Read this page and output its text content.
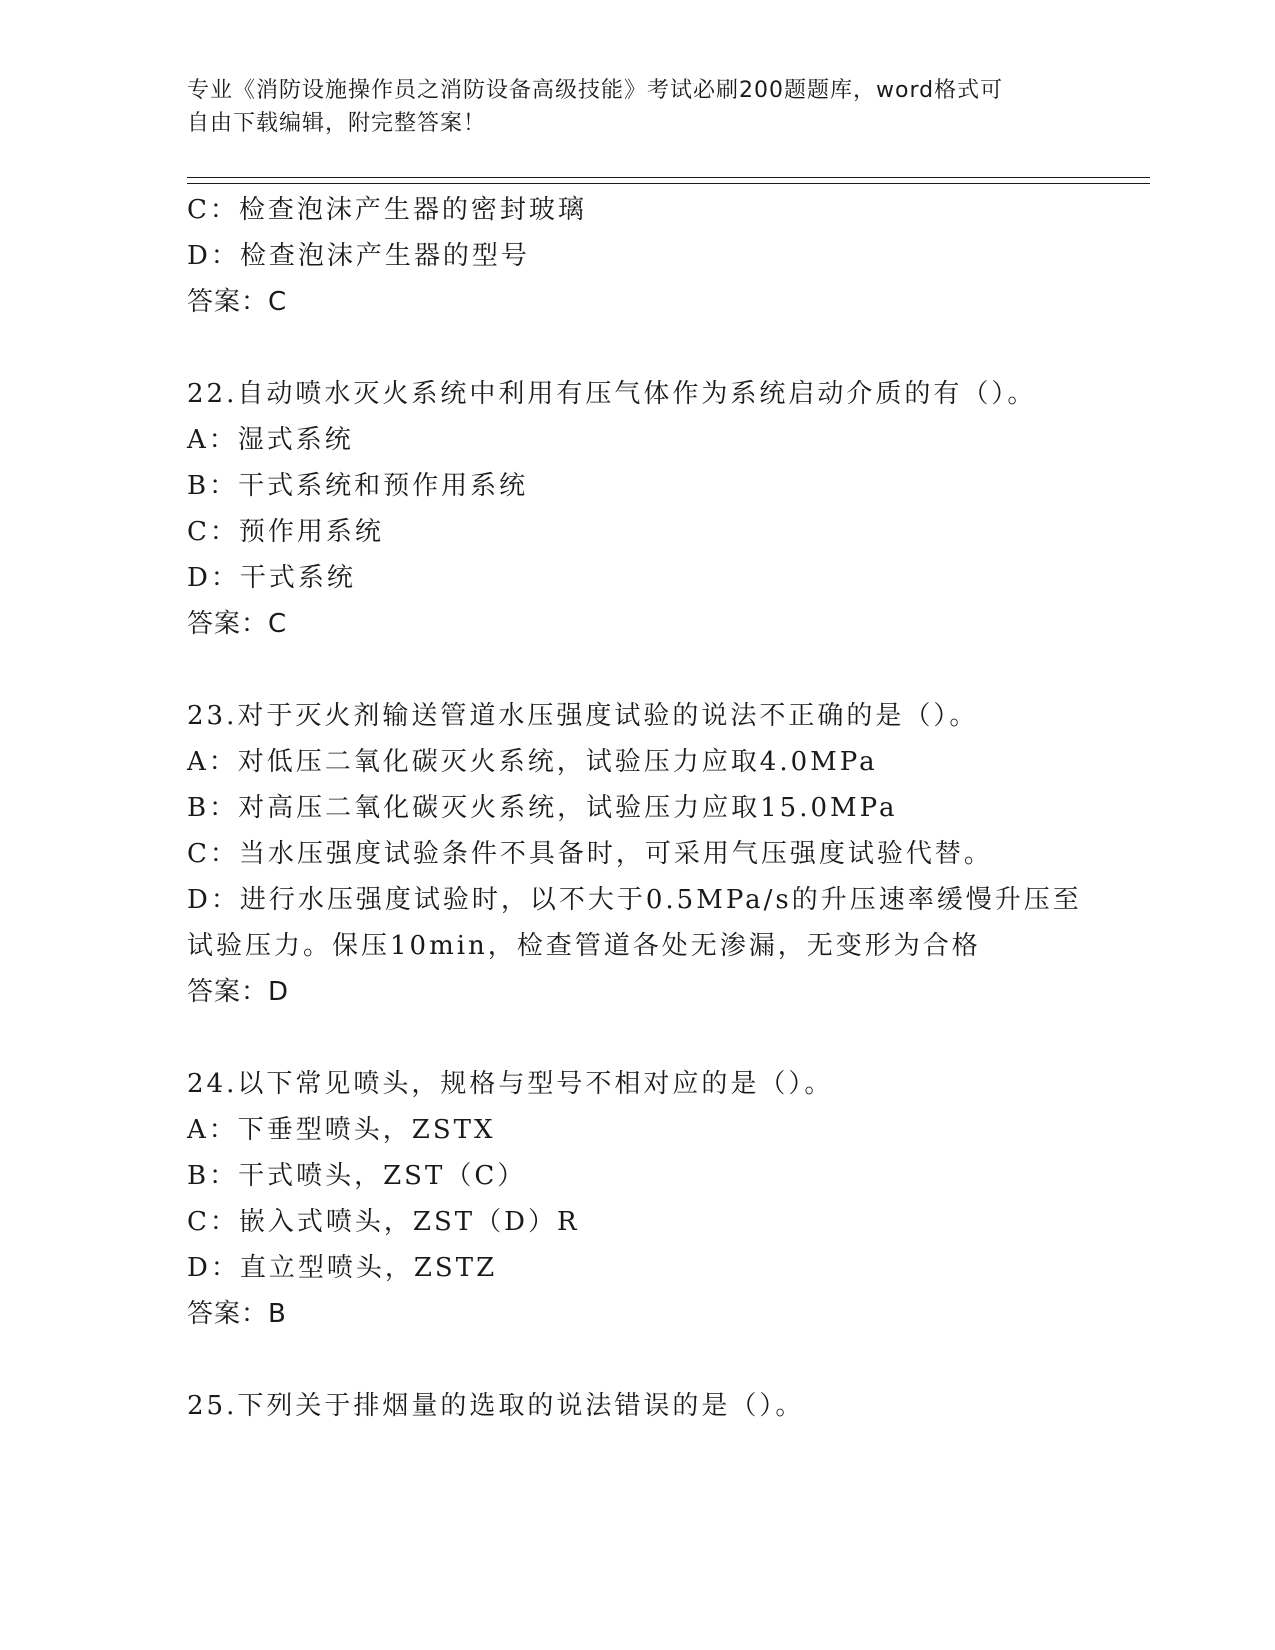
专业《消防设施操作员之消防设备高级技能》考试必刷200题题库，word格式可

自由下载编辑，附完整答案！

C：检查泡沫产生器的密封玻璃

D：检查泡沫产生器的型号

答案：C

22.自动喷水灭火系统中利用有压气体作为系统启动介质的有（）。

A：湿式系统

B：干式系统和预作用系统

C：预作用系统

D：干式系统

答案：C

23.对于灭火剂输送管道水压强度试验的说法不正确的是（）。

A：对低压二氧化碳灭火系统，试验压力应取4.0MPa

B：对高压二氧化碳灭火系统，试验压力应取15.0MPa

C：当水压强度试验条件不具备时，可采用气压强度试验代替。

D：进行水压强度试验时，以不大于0.5MPa/s的升压速率缓慢升压至

试验压力。保压10min，检查管道各处无渗漏，无变形为合格

答案：D

24.以下常见喷头，规格与型号不相对应的是（）。

A：下垂型喷头，ZSTX

B：干式喷头，ZST（C）

C：嵌入式喷头，ZST（D）R

D：直立型喷头，ZSTZ

答案：B

25.下列关于排烟量的选取的说法错误的是（）。
